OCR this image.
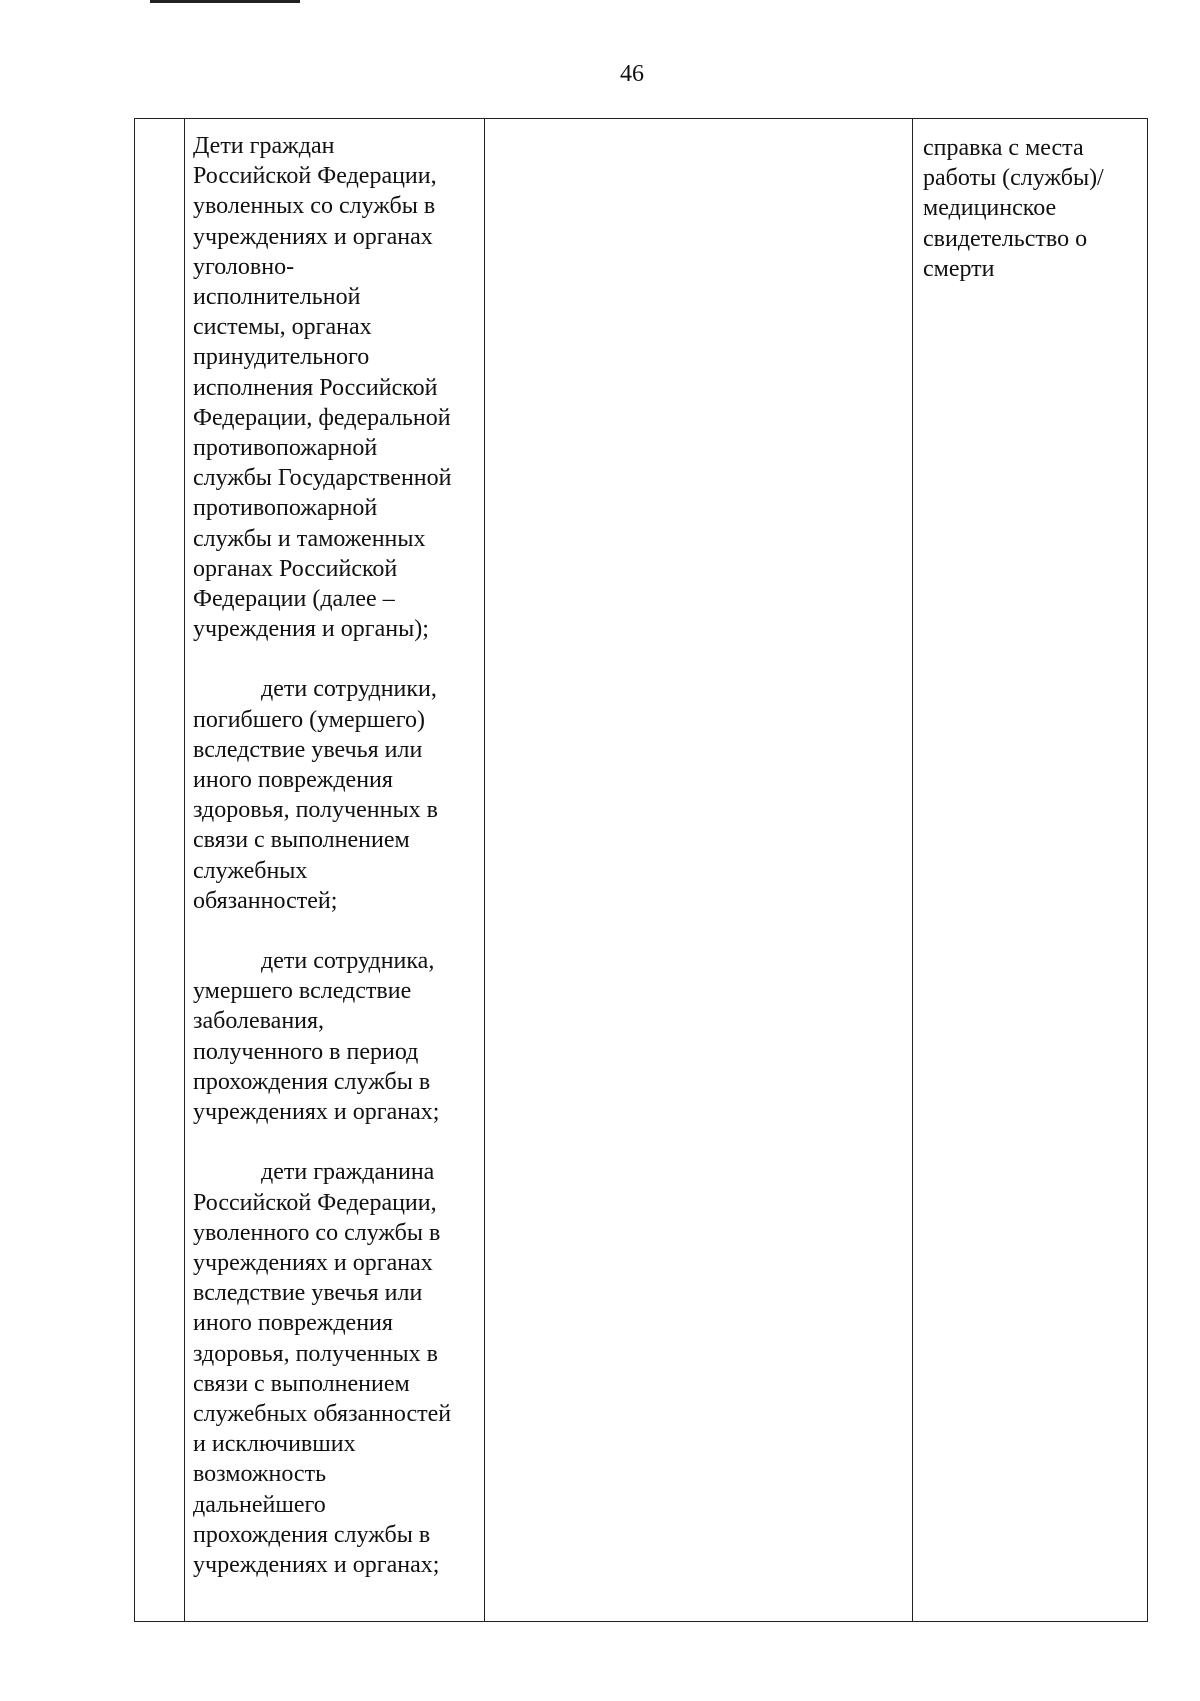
46
Дети граждан
Российской Федерации,
уволенных со службы в
учреждениях и органах
уголовно-
исполнительной
системы, органах
принудительного
исполнения Российской
Федерации, федеральной
противопожарной
службы Государственной
противопожарной
службы и таможенных
органах Российской
Федерации (далее –
учреждения и органы);
дети сотрудники,
погибшего (умершего)
вследствие увечья или
иного повреждения
здоровья, полученных в
связи с выполнением
служебных
обязанностей;
дети сотрудника,
умершего вследствие
заболевания,
полученного в период
прохождения службы в
учреждениях и органах;
дети гражданина
Российской Федерации,
уволенного со службы в
учреждениях и органах
вследствие увечья или
иного повреждения
здоровья, полученных в
связи с выполнением
служебных обязанностей
и исключивших
возможность
дальнейшего
прохождения службы в
учреждениях и органах;
справка с места
работы (службы)/
медицинское
свидетельство о
смерти
